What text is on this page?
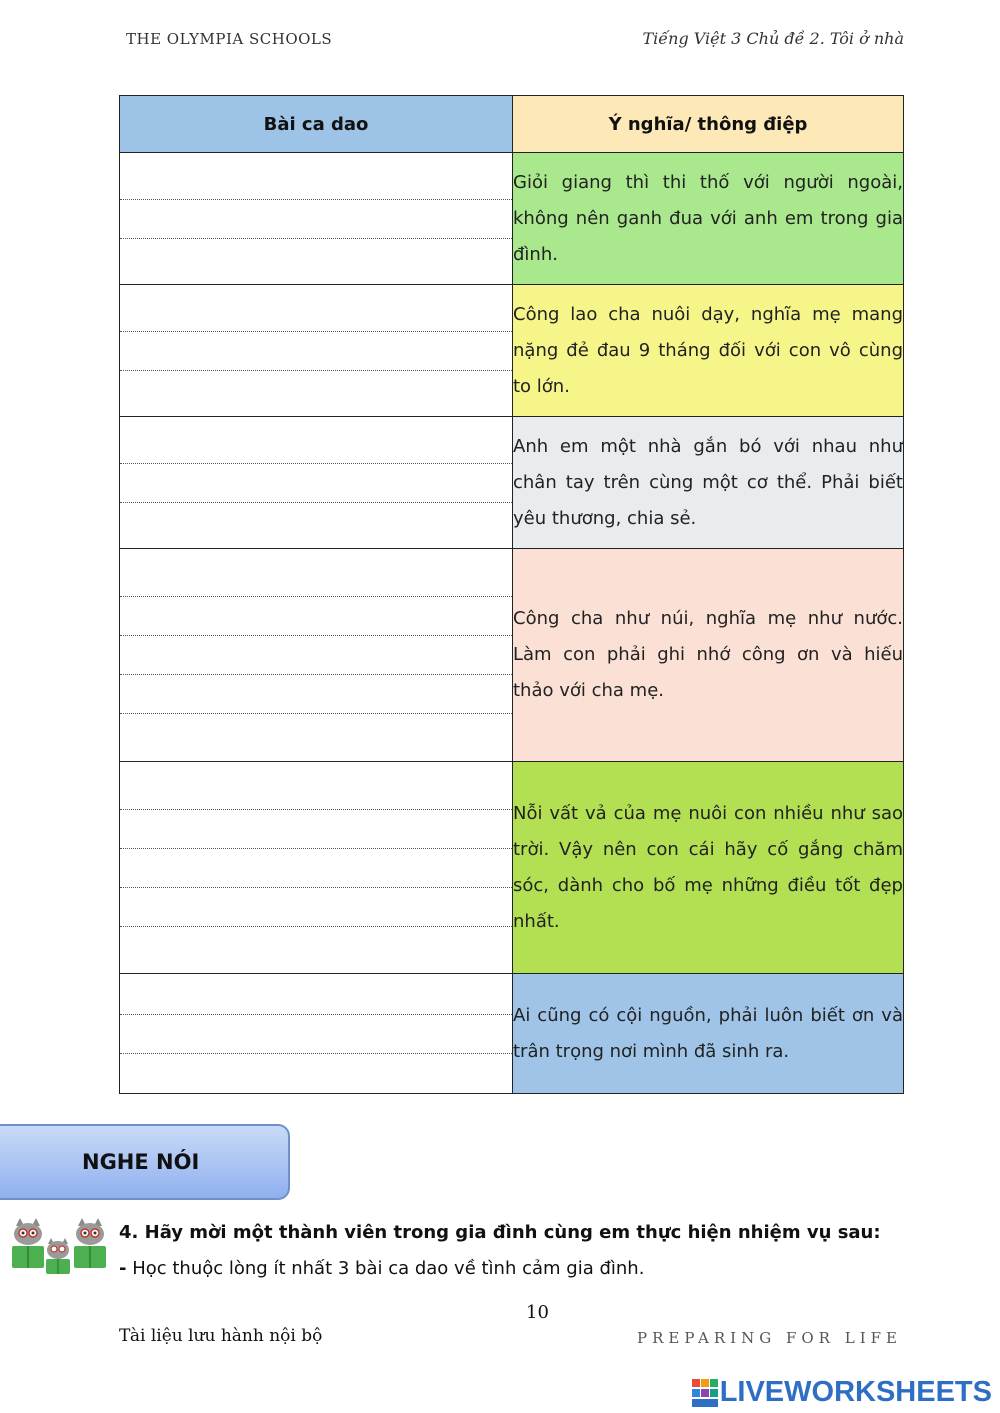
THE OLYMPIA SCHOOLS	Tiếng Việt 3 Chủ đề 2. Tôi ở nhà
Bài ca dao	Ý nghĩa/ thông điệp

	Giỏi giang thì thi thố với người ngoài, không nên ganh đua với anh em trong gia đình.

	Công lao cha nuôi dạy, nghĩa mẹ mang nặng đẻ đau 9 tháng đối với con vô cùng to lớn.

	Anh em một nhà gắn bó với nhau như chân tay trên cùng một cơ thể. Phải biết yêu thương, chia sẻ.

	Công cha như núi, nghĩa mẹ như nước. Làm con phải ghi nhớ công ơn và hiếu thảo với cha mẹ.

	Nỗi vất vả của mẹ nuôi con nhiều như sao trời. Vậy nên con cái hãy cố gắng chăm sóc, dành cho bố mẹ những điều tốt đẹp nhất.

	Ai cũng có cội nguồn, phải luôn biết ơn và trân trọng nơi mình đã sinh ra.
NGHE NÓI
4. Hãy mời một thành viên trong gia đình cùng em thực hiện nhiệm vụ sau:
- Học thuộc lòng ít nhất 3 bài ca dao về tình cảm gia đình.
10
Tài liệu lưu hành nội bộ	PREPARING FOR LIFE
LIVEWORKSHEETS
